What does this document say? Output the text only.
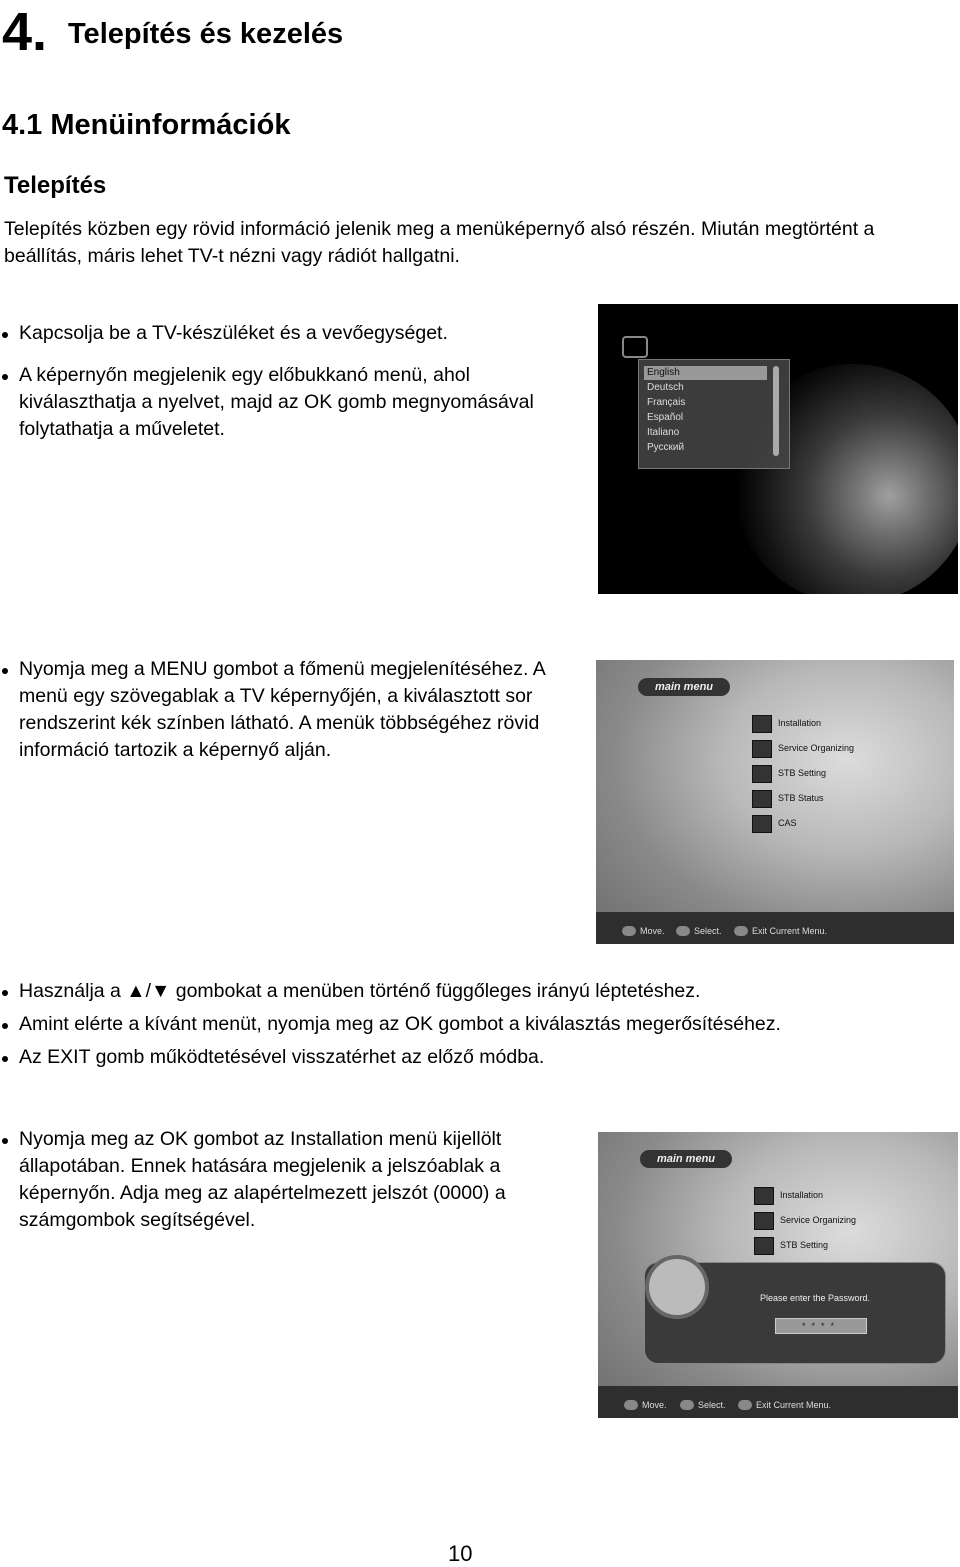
4. Telepítés és kezelés
4.1 Menüinformációk
Telepítés
Telepítés közben egy rövid információ jelenik meg a menüképernyő alsó részén. Miután megtörtént a beállítás, máris lehet TV-t nézni vagy rádiót hallgatni.
Kapcsolja be a TV-készüléket és a vevőegységet.
A képernyőn megjelenik egy előbukkanó menü, ahol kiválaszthatja a nyelvet, majd az OK gomb megnyomásával folytathatja a műveletet.
Nyomja meg a MENU gombot a főmenü megjelenítéséhez. A menü egy szövegablak a TV képernyőjén, a kiválasztott sor rendszerint kék színben látható. A menük többségéhez rövid információ tartozik a képernyő alján.
Használja a ▲/▼ gombokat a menüben történő függőleges irányú léptetéshez.
Amint elérte a kívánt menüt, nyomja meg az OK gombot a kiválasztás megerősítéséhez.
Az EXIT gomb működtetésével visszatérhet az előző módba.
Nyomja meg az OK gombot az Installation menü kijellölt állapotában. Ennek hatására megjelenik a jelszóablak a képernyőn. Adja meg az alapértelmezett jelszót (0000) a számgombok segítségével.
English
Deutsch
Français
Español
Italiano
Русский
main menu
Installation
Service Organizing
STB Setting
STB Status
CAS
Move.	Select.	Exit Current Menu.
main menu
Installation
Service Organizing
STB Setting
Please enter the Password.
****
Move.	Select.	Exit Current Menu.
10
